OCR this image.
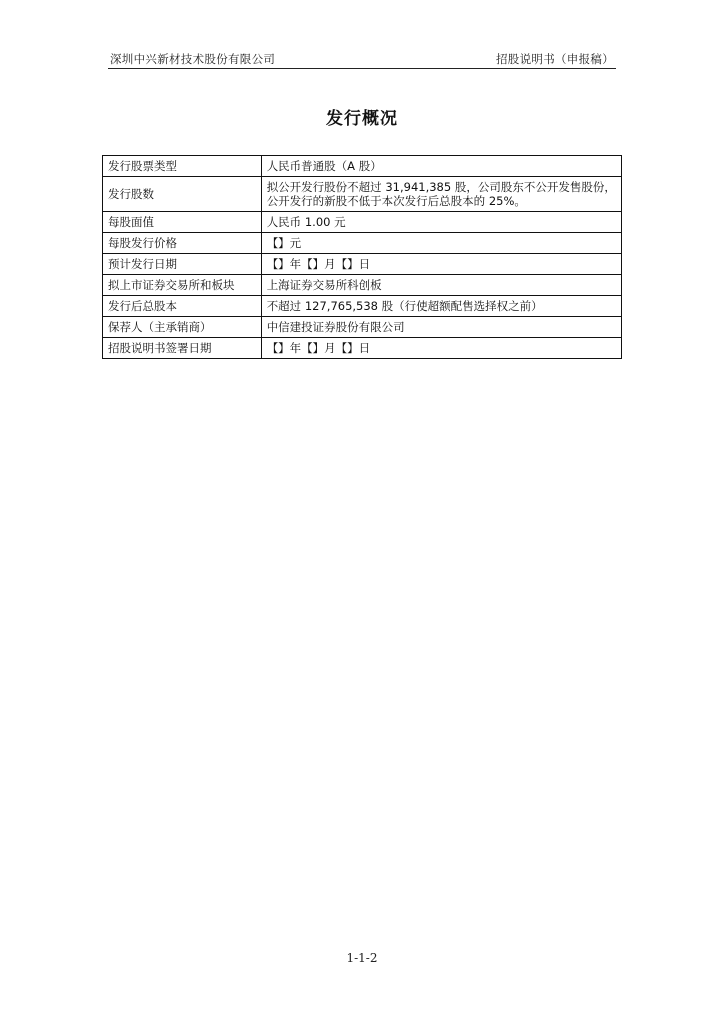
深圳中兴新材技术股份有限公司	招股说明书（申报稿）
发行概况
发行股票类型	人民币普通股（A 股）
发行股数	拟公开发行股份不超过 31,941,385 股，公司股东不公开发售股份，公开发行的新股不低于本次发行后总股本的 25%。
每股面值	人民币 1.00 元
每股发行价格	【】元
预计发行日期	【】年【】月【】日
拟上市证券交易所和板块	上海证券交易所科创板
发行后总股本	不超过 127,765,538 股（行使超额配售选择权之前）
保荐人（主承销商）	中信建投证券股份有限公司
招股说明书签署日期	【】年【】月【】日
1-1-2
